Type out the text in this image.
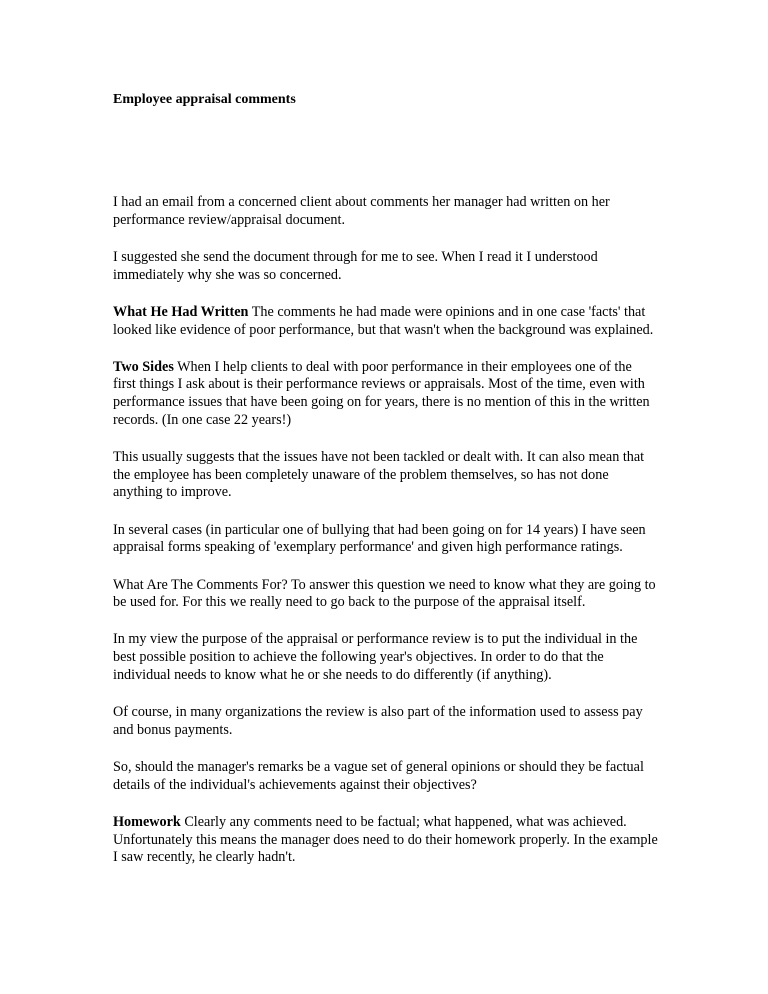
Employee appraisal comments

I had an email from a concerned client about comments her manager had written on her performance review/appraisal document.

I suggested she send the document through for me to see. When I read it I understood immediately why she was so concerned.

What He Had Written The comments he had made were opinions and in one case 'facts' that looked like evidence of poor performance, but that wasn't when the background was explained.

Two Sides When I help clients to deal with poor performance in their employees one of the first things I ask about is their performance reviews or appraisals. Most of the time, even with performance issues that have been going on for years, there is no mention of this in the written records. (In one case 22 years!)

This usually suggests that the issues have not been tackled or dealt with. It can also mean that the employee has been completely unaware of the problem themselves, so has not done anything to improve.

In several cases (in particular one of bullying that had been going on for 14 years) I have seen appraisal forms speaking of 'exemplary performance' and given high performance ratings.

What Are The Comments For? To answer this question we need to know what they are going to be used for. For this we really need to go back to the purpose of the appraisal itself.

In my view the purpose of the appraisal or performance review is to put the individual in the best possible position to achieve the following year's objectives. In order to do that the individual needs to know what he or she needs to do differently (if anything).

Of course, in many organizations the review is also part of the information used to assess pay and bonus payments.

So, should the manager's remarks be a vague set of general opinions or should they be factual details of the individual's achievements against their objectives?

Homework Clearly any comments need to be factual; what happened, what was achieved. Unfortunately this means the manager does need to do their homework properly. In the example I saw recently, he clearly hadn't.
